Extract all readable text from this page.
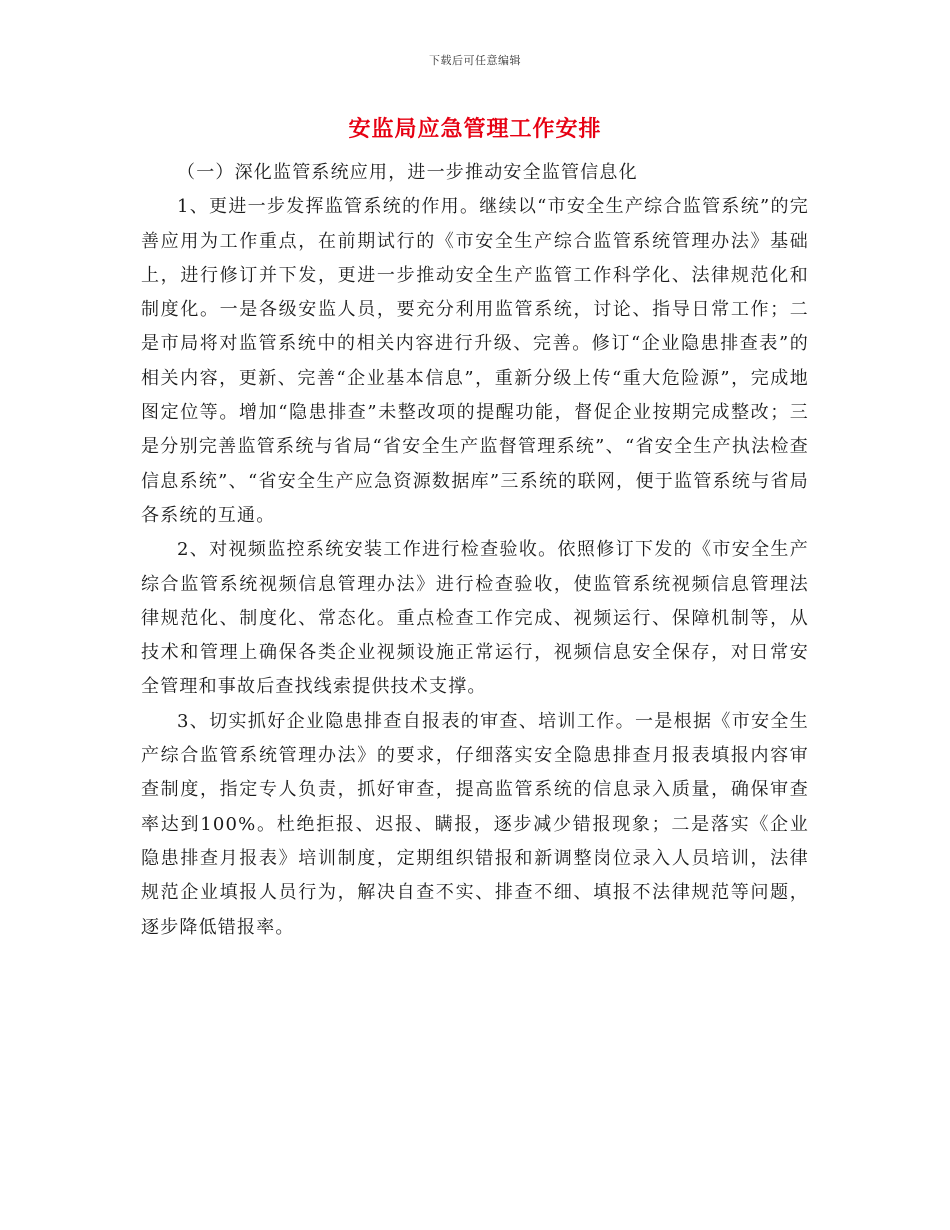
下载后可任意编辑
安监局应急管理工作安排

（一）深化监管系统应用，进一步推动安全监管信息化

1、更进一步发挥监管系统的作用。继续以“市安全生产综合监管系统”的完善应用为工作重点，在前期试行的《市安全生产综合监管系统管理办法》基础上，进行修订并下发，更进一步推动安全生产监管工作科学化、法律规范化和制度化。一是各级安监人员，要充分利用监管系统，讨论、指导日常工作；二是市局将对监管系统中的相关内容进行升级、完善。修订“企业隐患排查表”的相关内容，更新、完善“企业基本信息”，重新分级上传“重大危险源”，完成地图定位等。增加“隐患排查”未整改项的提醒功能，督促企业按期完成整改；三是分别完善监管系统与省局“省安全生产监督管理系统”、“省安全生产执法检查信息系统”、“省安全生产应急资源数据库”三系统的联网，便于监管系统与省局各系统的互通。

2、对视频监控系统安装工作进行检查验收。依照修订下发的《市安全生产综合监管系统视频信息管理办法》进行检查验收，使监管系统视频信息管理法律规范化、制度化、常态化。重点检查工作完成、视频运行、保障机制等，从技术和管理上确保各类企业视频设施正常运行，视频信息安全保存，对日常安全管理和事故后查找线索提供技术支撑。

3、切实抓好企业隐患排查自报表的审查、培训工作。一是根据《市安全生产综合监管系统管理办法》的要求，仔细落实安全隐患排查月报表填报内容审查制度，指定专人负责，抓好审查，提高监管系统的信息录入质量，确保审查率达到100%。杜绝拒报、迟报、瞒报，逐步减少错报现象；二是落实《企业隐患排查月报表》培训制度，定期组织错报和新调整岗位录入人员培训，法律规范企业填报人员行为，解决自查不实、排查不细、填报不法律规范等问题，逐步降低错报率。
